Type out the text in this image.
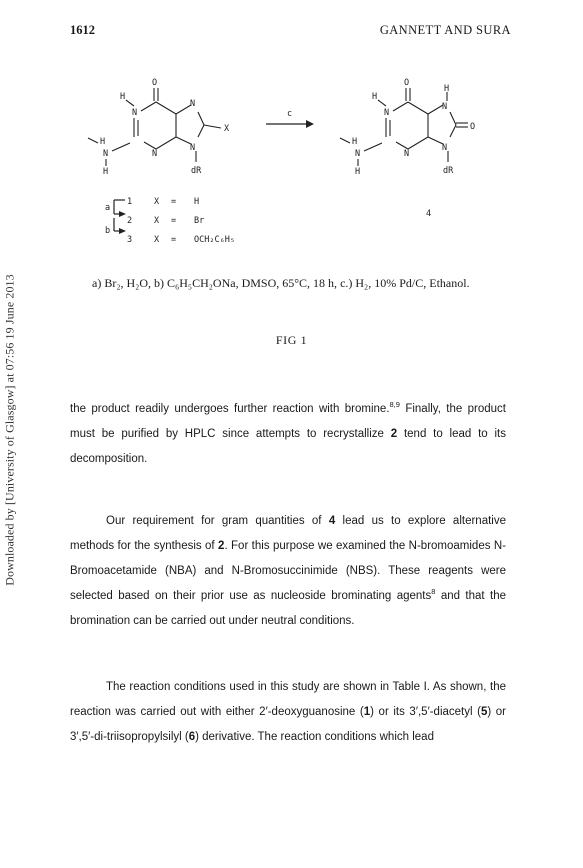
Downloaded by [University of Glasgow] at 07:56 19 June 2013
1612	GANNETT AND SURA
O
H
N
N
N
N
X
H
N
H	dR
c
O
H
N
H
N
N
N
O
H
N
H	dR
4
a
b
1	X = H
2	X = Br
3	X = OCH₂C₆H₅
a) Br₂, H₂O, b) C₆H₅CH₂ONa, DMSO, 65°C, 18 h, c.) H₂, 10% Pd/C, Ethanol.
FIG 1
the product readily undergoes further reaction with bromine.$^{8,9}$ Finally, the product must be purified by HPLC since attempts to recrystallize 2 tend to lead to its decomposition.
Our requirement for gram quantities of 4 lead us to explore alternative methods for the synthesis of 2. For this purpose we examined the N-bromoamides N-Bromoacetamide (NBA) and N-Bromosuccinimide (NBS). These reagents were selected based on their prior use as nucleoside brominating agents$^8$ and that the bromination can be carried out under neutral conditions.
The reaction conditions used in this study are shown in Table I. As shown, the reaction was carried out with either 2′-deoxyguanosine (1) or its 3′,5′-diacetyl (5) or 3′,5′-di-triisopropylsilyl (6) derivative. The reaction conditions which lead
